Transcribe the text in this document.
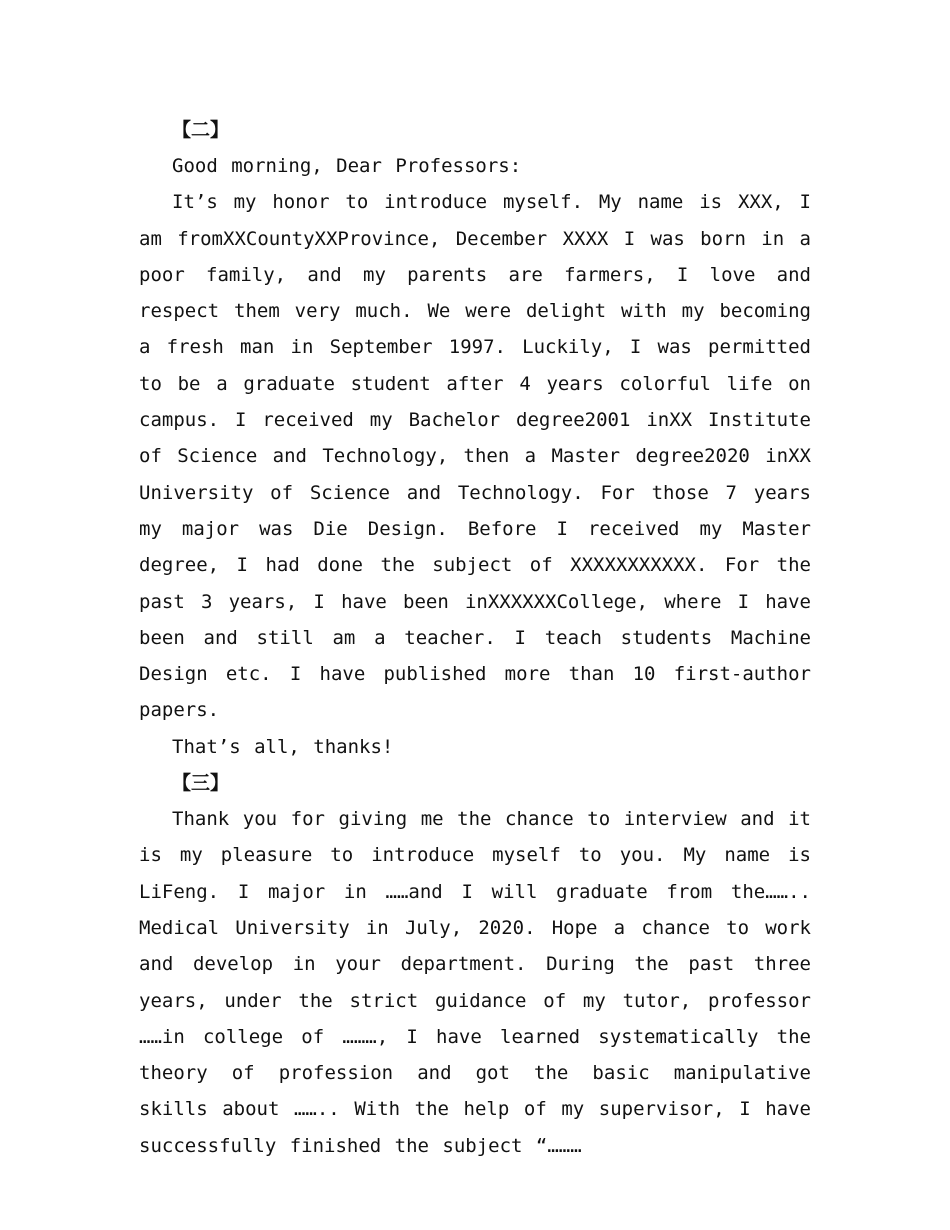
【二】

Good morning, Dear Professors:

It’s my honor to introduce myself. My name is XXX, I am fromXXCountyXXProvince, December XXXX I was born in a poor family, and my parents are farmers, I love and respect them very much. We were delight with my becoming a fresh man in September 1997. Luckily, I was permitted to be a graduate student after 4 years colorful life on campus. I received my Bachelor degree2001 inXX Institute of Science and Technology, then a Master degree2020 inXX University of Science and Technology. For those 7 years my major was Die Design. Before I received my Master degree, I had done the subject of XXXXXXXXXXX. For the past 3 years, I have been inXXXXXXCollege, where I have been and still am a teacher. I teach students Machine Design etc. I have published more than 10 first-author papers.

That’s all, thanks!

【三】

Thank you for giving me the chance to interview and it is my pleasure to introduce myself to you. My name is LiFeng. I major in ……and I will graduate from the…….. Medical University in July, 2020. Hope a chance to work and develop in your department. During the past three years, under the strict guidance of my tutor, professor ……in college of ………, I have learned systematically the theory of profession and got the basic manipulative skills about …….. With the help of my supervisor, I have successfully finished the subject “………
